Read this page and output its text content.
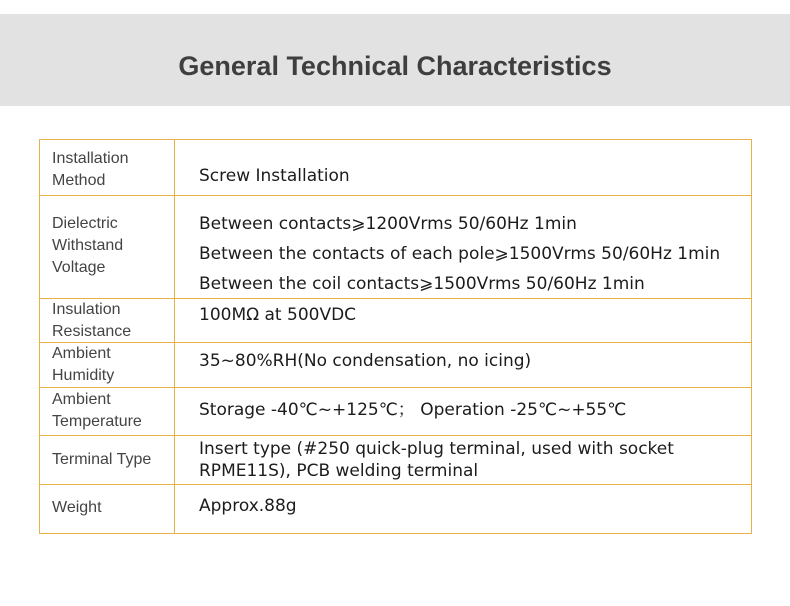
General Technical Characteristics
Installation
Method	Screw Installation
Dielectric
Withstand
Voltage
Between contacts⩾1200Vrms 50/60Hz 1min
Between the contacts of each pole⩾1500Vrms 50/60Hz 1min
Between the coil contacts⩾1500Vrms 50/60Hz 1min
Insulation
Resistance
100MΩ at 500VDC
Ambient
Humidity
35~80%RH(No condensation, no icing)
Ambient
Temperature
Storage -40℃~+125℃； Operation -25℃~+55℃
Terminal Type
Insert type (#250 quick-plug terminal, used with socket
RPME11S), PCB welding terminal
Weight	Approx.88g
